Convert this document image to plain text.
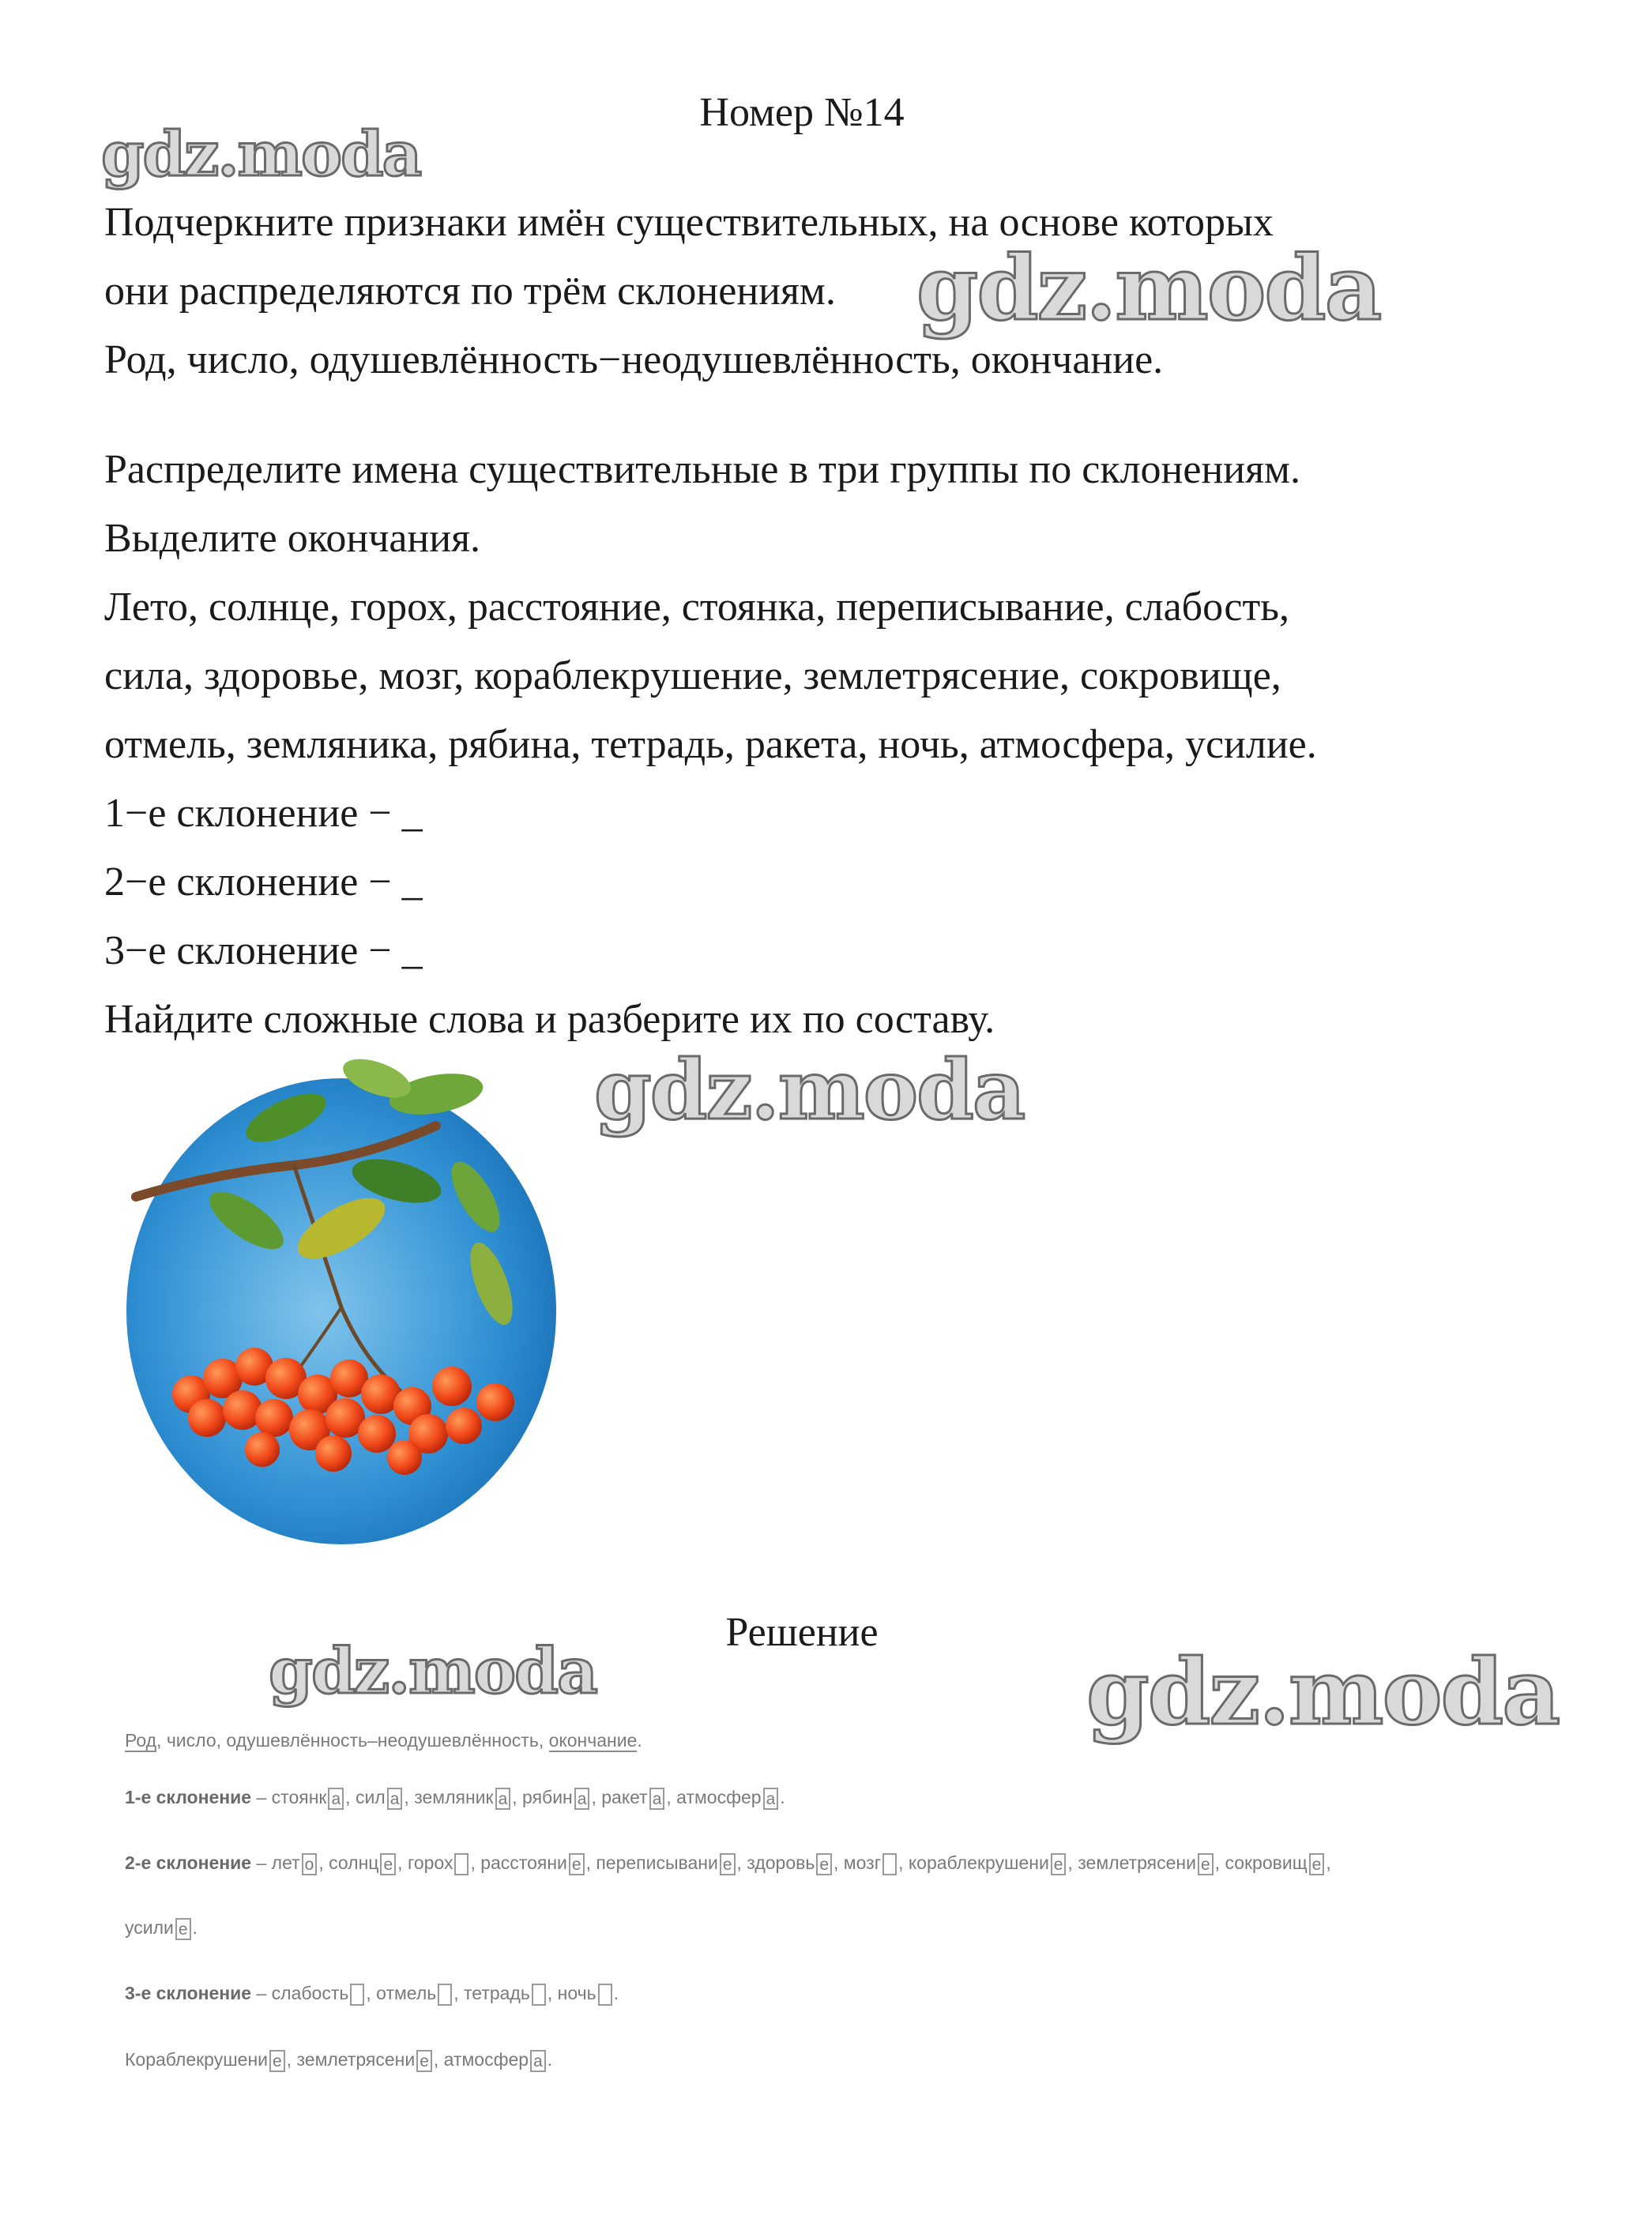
Номер №14

Подчеркните признаки имён существительных, на основе которых

они распределяются по трём склонениям.

Род, число, одушевлённость−неодушевлённость, окончание.

Распределите имена существительные в три группы по склонениям.

Выделите окончания.

Лето, солнце, горох, расстояние, стоянка, переписывание, слабость,

сила, здоровье, мозг, кораблекрушение, землетрясение, сокровище,

отмель, земляника, рябина, тетрадь, ракета, ночь, атмосфера, усилие.

1−е склонение − _

2−е склонение − _

3−е склонение − _

Найдите сложные слова и разберите их по составу.

gdz.moda
gdz.moda
gdz.moda
gdz.moda	gdz.moda
Решение
Род, число, одушевлённость–неодушевлённость, окончание.
1-е склонение – стоянк а , сил а , земляник а , рябин а , ракет а , атмосфер а .
2-е склонение – лет о , солнц е , горох , расстояни е , переписывани е , здоровь е , мозг , кораблекрушени е , землетрясени е , сокровищ е ,
усили е .
3-е склонение – слабость , отмель , тетрадь , ночь .
Кораблекрушени е , землетрясени е , атмосфер а .
